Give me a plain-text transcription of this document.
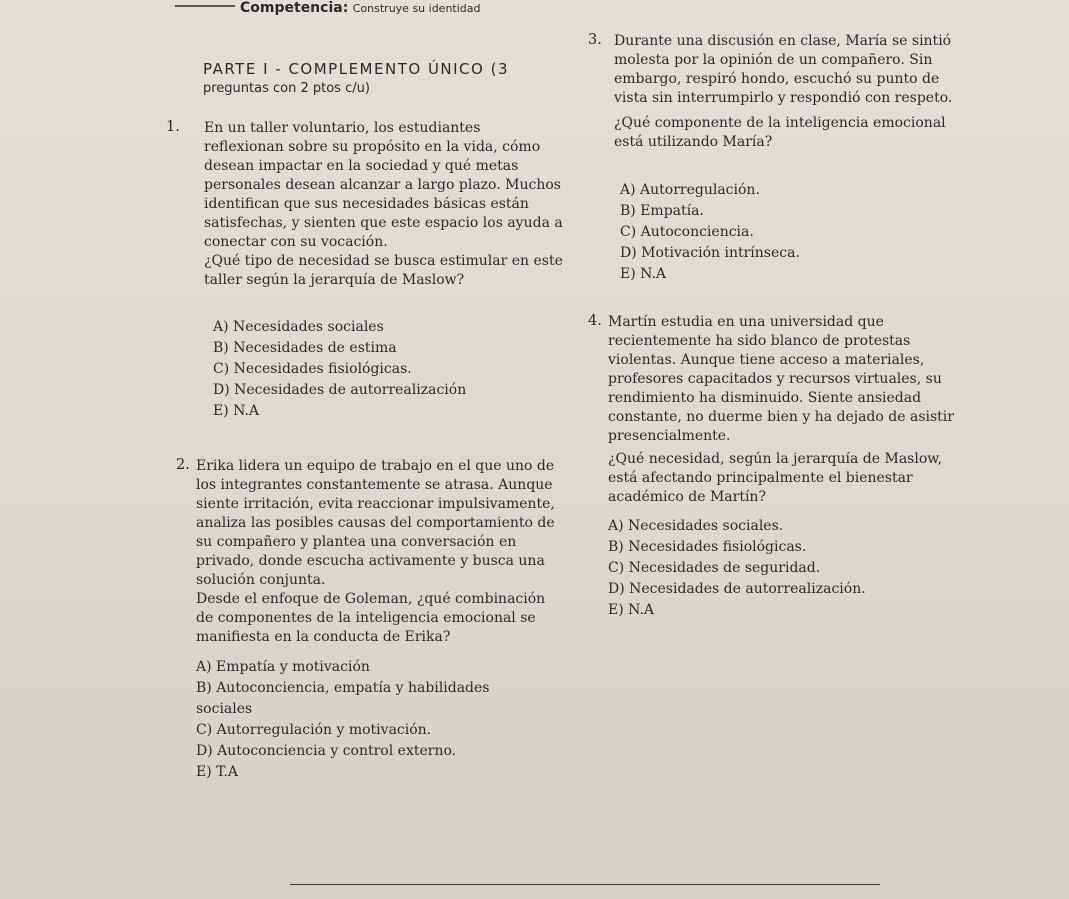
Competencia: Construye su identidad
PARTE I - COMPLEMENTO ÚNICO (3
preguntas con 2 ptos c/u)
1. En un taller voluntario, los estudiantes
reflexionan sobre su propósito en la vida, cómo
desean impactar en la sociedad y qué metas
personales desean alcanzar a largo plazo. Muchos
identifican que sus necesidades básicas están
satisfechas, y sienten que este espacio los ayuda a
conectar con su vocación.
¿Qué tipo de necesidad se busca estimular en este
taller según la jerarquía de Maslow?
A) Necesidades sociales
B) Necesidades de estima
C) Necesidades fisiológicas.
D) Necesidades de autorrealización
E) N.A
2. Erika lidera un equipo de trabajo en el que uno de
los integrantes constantemente se atrasa. Aunque
siente irritación, evita reaccionar impulsivamente,
analiza las posibles causas del comportamiento de
su compañero y plantea una conversación en
privado, donde escucha activamente y busca una
solución conjunta.
Desde el enfoque de Goleman, ¿qué combinación
de componentes de la inteligencia emocional se
manifiesta en la conducta de Erika?
A) Empatía y motivación
B) Autoconciencia, empatía y habilidades
sociales
C) Autorregulación y motivación.
D) Autoconciencia y control externo.
E) T.A
3. Durante una discusión en clase, María se sintió
molesta por la opinión de un compañero. Sin
embargo, respiró hondo, escuchó su punto de
vista sin interrumpirlo y respondió con respeto.
¿Qué componente de la inteligencia emocional
está utilizando María?
A) Autorregulación.
B) Empatía.
C) Autoconciencia.
D) Motivación intrínseca.
E) N.A
4. Martín estudia en una universidad que
recientemente ha sido blanco de protestas
violentas. Aunque tiene acceso a materiales,
profesores capacitados y recursos virtuales, su
rendimiento ha disminuido. Siente ansiedad
constante, no duerme bien y ha dejado de asistir
presencialmente.
¿Qué necesidad, según la jerarquía de Maslow,
está afectando principalmente el bienestar
académico de Martín?
A) Necesidades sociales.
B) Necesidades fisiológicas.
C) Necesidades de seguridad.
D) Necesidades de autorrealización.
E) N.A
